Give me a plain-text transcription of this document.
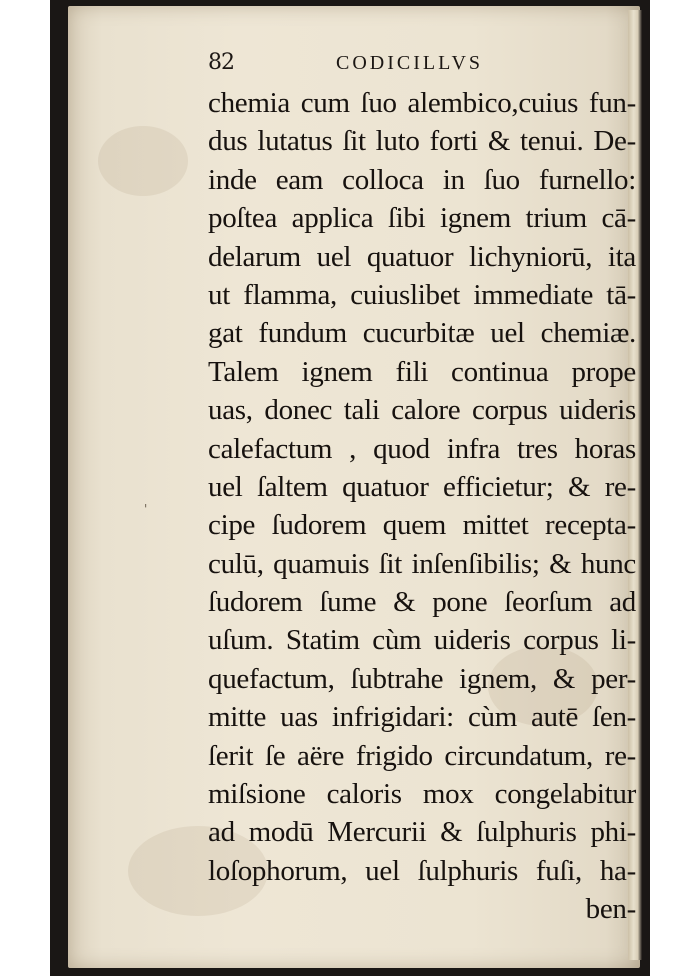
82	CODICILLVS
'
chemia cum ſuo alembico,cuius fun-
dus lutatus ſit luto forti & tenui. De-
inde eam colloca in ſuo furnello:
poſtea applica ſibi ignem trium cā-
delarum uel quatuor lichyniorū, ita
ut flamma, cuiuslibet immediate tā-
gat fundum cucurbitæ uel chemiæ.
Talem ignem fili continua prope
uas, donec tali calore corpus uideris
calefactum , quod infra tres horas
uel ſaltem quatuor efficietur; & re-
cipe ſudorem quem mittet recepta-
culū, quamuis ſit inſenſibilis; & hunc
ſudorem ſume & pone ſeorſum ad
uſum. Statim cùm uideris corpus li-
quefactum, ſubtrahe ignem, & per-
mitte uas infrigidari: cùm autē ſen-
ſerit ſe aëre frigido circundatum, re-
miſsione caloris mox congelabitur
ad modū Mercurii & ſulphuris phi-
loſophorum, uel ſulphuris fuſi, ha-
ben-
